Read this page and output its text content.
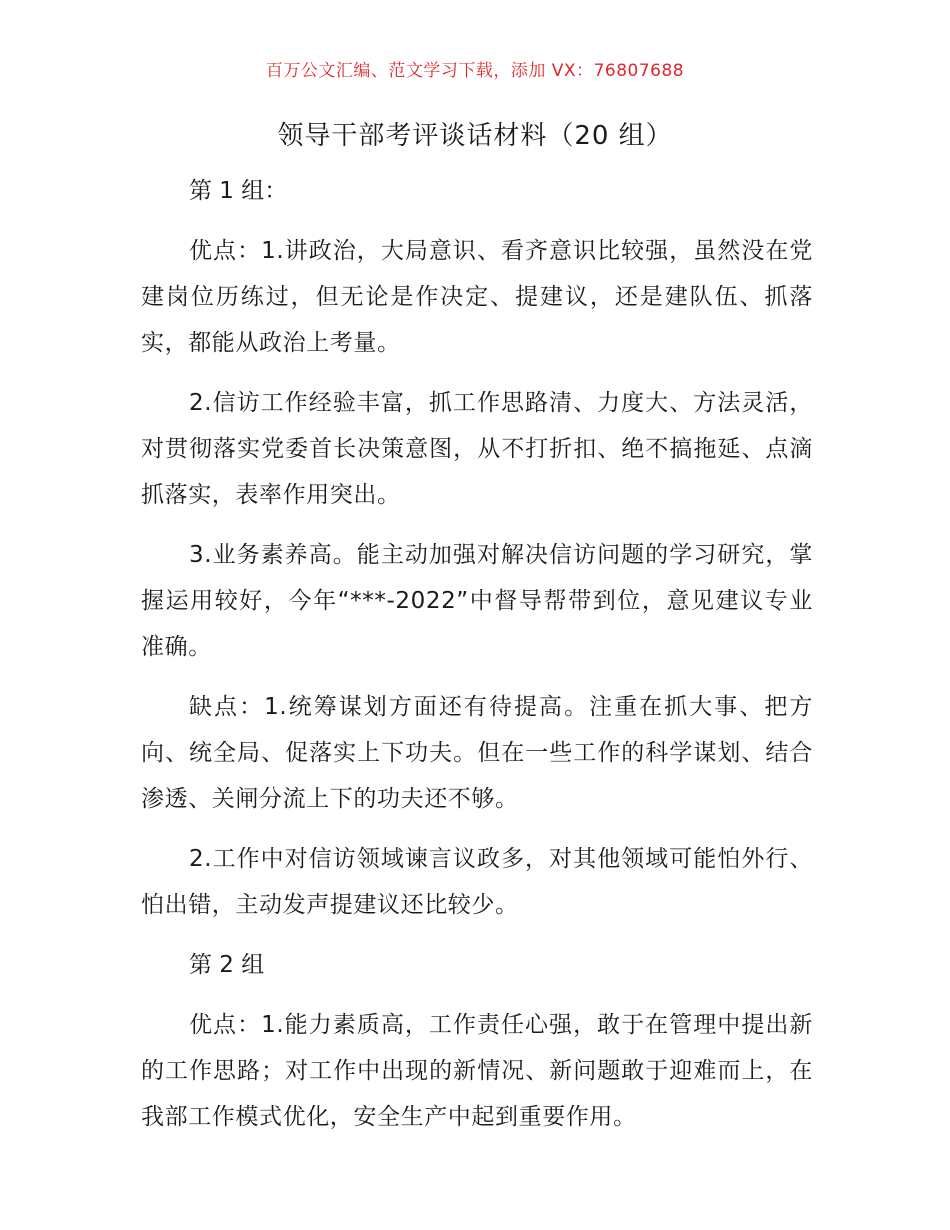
百万公文汇编、范文学习下载，添加 VX：76807688
领导干部考评谈话材料（20 组）

第 1 组：

优点：1.讲政治，大局意识、看齐意识比较强，虽然没在党建岗位历练过，但无论是作决定、提建议，还是建队伍、抓落实，都能从政治上考量。

2.信访工作经验丰富，抓工作思路清、力度大、方法灵活，对贯彻落实党委首长决策意图，从不打折扣、绝不搞拖延、点滴抓落实，表率作用突出。

3.业务素养高。能主动加强对解决信访问题的学习研究，掌握运用较好，今年“***-2022”中督导帮带到位，意见建议专业准确。

缺点：1.统筹谋划方面还有待提高。注重在抓大事、把方向、统全局、促落实上下功夫。但在一些工作的科学谋划、结合渗透、关闸分流上下的功夫还不够。

2.工作中对信访领域谏言议政多，对其他领域可能怕外行、怕出错，主动发声提建议还比较少。

第 2 组

优点：1.能力素质高，工作责任心强，敢于在管理中提出新的工作思路；对工作中出现的新情况、新问题敢于迎难而上，在我部工作模式优化，安全生产中起到重要作用。
